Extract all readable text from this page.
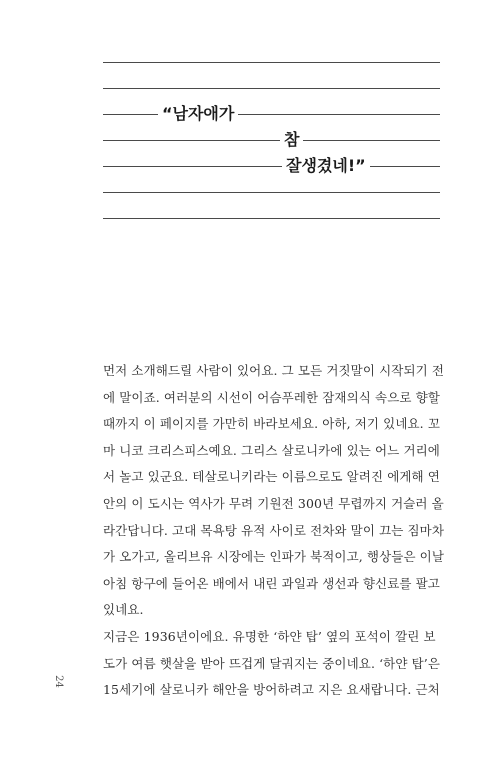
“남자애가
참
잘생겼네!”
먼저 소개해드릴 사람이 있어요. 그 모든 거짓말이 시작되기 전
에 말이죠. 여러분의 시선이 어슴푸레한 잠재의식 속으로 향할
때까지 이 페이지를 가만히 바라보세요. 아하, 저기 있네요. 꼬
마 니코 크리스피스예요. 그리스 살로니카에 있는 어느 거리에
서 놀고 있군요. 테살로니키라는 이름으로도 알려진 에게해 연
안의 이 도시는 역사가 무려 기원전 300년 무렵까지 거슬러 올
라간답니다. 고대 목욕탕 유적 사이로 전차와 말이 끄는 짐마차
가 오가고, 올리브유 시장에는 인파가 북적이고, 행상들은 이날
아침 항구에 들어온 배에서 내린 과일과 생선과 향신료를 팔고
있네요.
지금은 1936년이에요. 유명한 ‘하얀 탑’ 옆의 포석이 깔린 보
도가 여름 햇살을 받아 뜨겁게 달궈지는 중이네요. ‘하얀 탑’은
15세기에 살로니카 해안을 방어하려고 지은 요새랍니다. 근처
24
